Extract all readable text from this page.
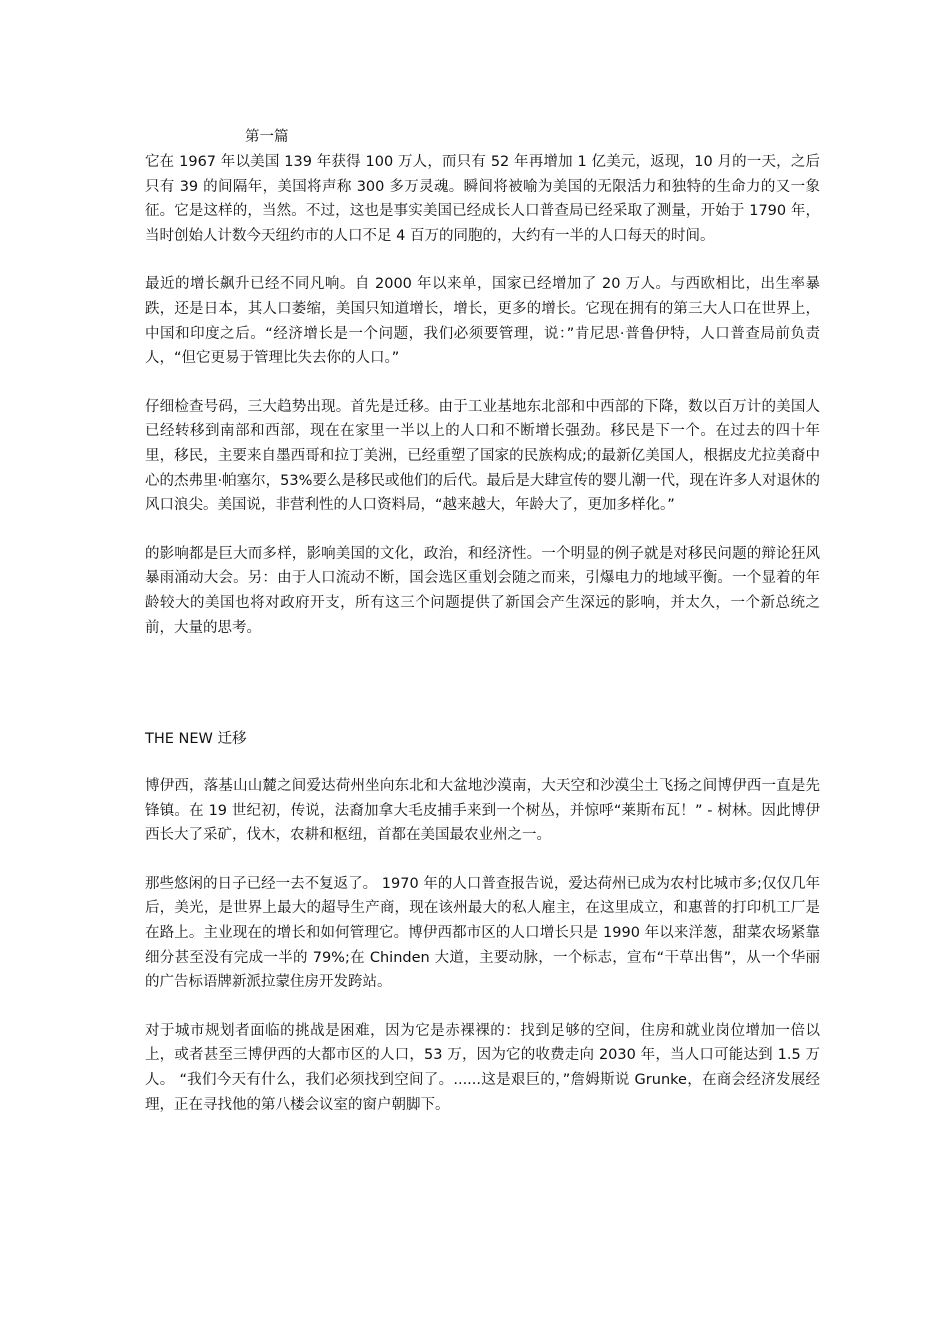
第一篇

它在 1967 年以美国 139 年获得 100 万人，而只有 52 年再增加 1 亿美元，返现，10 月的一天，之后只有 39 的间隔年，美国将声称 300 多万灵魂。瞬间将被喻为美国的无限活力和独特的生命力的又一象征。它是这样的，当然。不过，这也是事实美国已经成长人口普查局已经采取了测量，开始于 1790 年，当时创始人计数今天纽约市的人口不足 4 百万的同胞的，大约有一半的人口每天的时间。

最近的增长飙升已经不同凡响。自 2000 年以来单，国家已经增加了 20 万人。与西欧相比，出生率暴跌，还是日本，其人口萎缩，美国只知道增长，增长，更多的增长。它现在拥有的第三大人口在世界上，中国和印度之后。“经济增长是一个问题，我们必须要管理，说：”肯尼思·普鲁伊特，人口普查局前负责人，“但它更易于管理比失去你的人口。”

仔细检查号码，三大趋势出现。首先是迁移。由于工业基地东北部和中西部的下降，数以百万计的美国人已经转移到南部和西部，现在在家里一半以上的人口和不断增长强劲。移民是下一个。在过去的四十年里，移民，主要来自墨西哥和拉丁美洲，已经重塑了国家的民族构成;的最新亿美国人，根据皮尤拉美裔中心的杰弗里·帕塞尔，53%要么是移民或他们的后代。最后是大肆宣传的婴儿潮一代，现在许多人对退休的风口浪尖。美国说，非营利性的人口资料局，“越来越大，年龄大了，更加多样化。”

的影响都是巨大而多样，影响美国的文化，政治，和经济性。一个明显的例子就是对移民问题的辩论狂风暴雨涌动大会。另：由于人口流动不断，国会选区重划会随之而来，引爆电力的地域平衡。一个显着的年龄较大的美国也将对政府开支，所有这三个问题提供了新国会产生深远的影响，并太久，一个新总统之前，大量的思考。

THE NEW 迁移

博伊西，落基山山麓之间爱达荷州坐向东北和大盆地沙漠南，大天空和沙漠尘土飞扬之间博伊西一直是先锋镇。在 19 世纪初，传说，法裔加拿大毛皮捕手来到一个树丛，并惊呼“莱斯布瓦！” - 树林。因此博伊西长大了采矿，伐木，农耕和枢纽，首都在美国最农业州之一。

那些悠闲的日子已经一去不复返了。 1970 年的人口普查报告说，爱达荷州已成为农村比城市多;仅仅几年后，美光，是世界上最大的超导生产商，现在该州最大的私人雇主，在这里成立，和惠普的打印机工厂是在路上。主业现在的增长和如何管理它。博伊西都市区的人口增长只是 1990 年以来洋葱，甜菜农场紧靠细分甚至没有完成一半的 79%;在 Chinden 大道，主要动脉，一个标志，宣布“干草出售”，从一个华丽的广告标语牌新派拉蒙住房开发跨站。

对于城市规划者面临的挑战是困难，因为它是赤裸裸的：找到足够的空间，住房和就业岗位增加一倍以上，或者甚至三博伊西的大都市区的人口，53 万，因为它的收费走向 2030 年，当人口可能达到 1.5 万人。 “我们今天有什么，我们必须找到空间了。......这是艰巨的，”詹姆斯说 Grunke，在商会经济发展经理，正在寻找他的第八楼会议室的窗户朝脚下。
